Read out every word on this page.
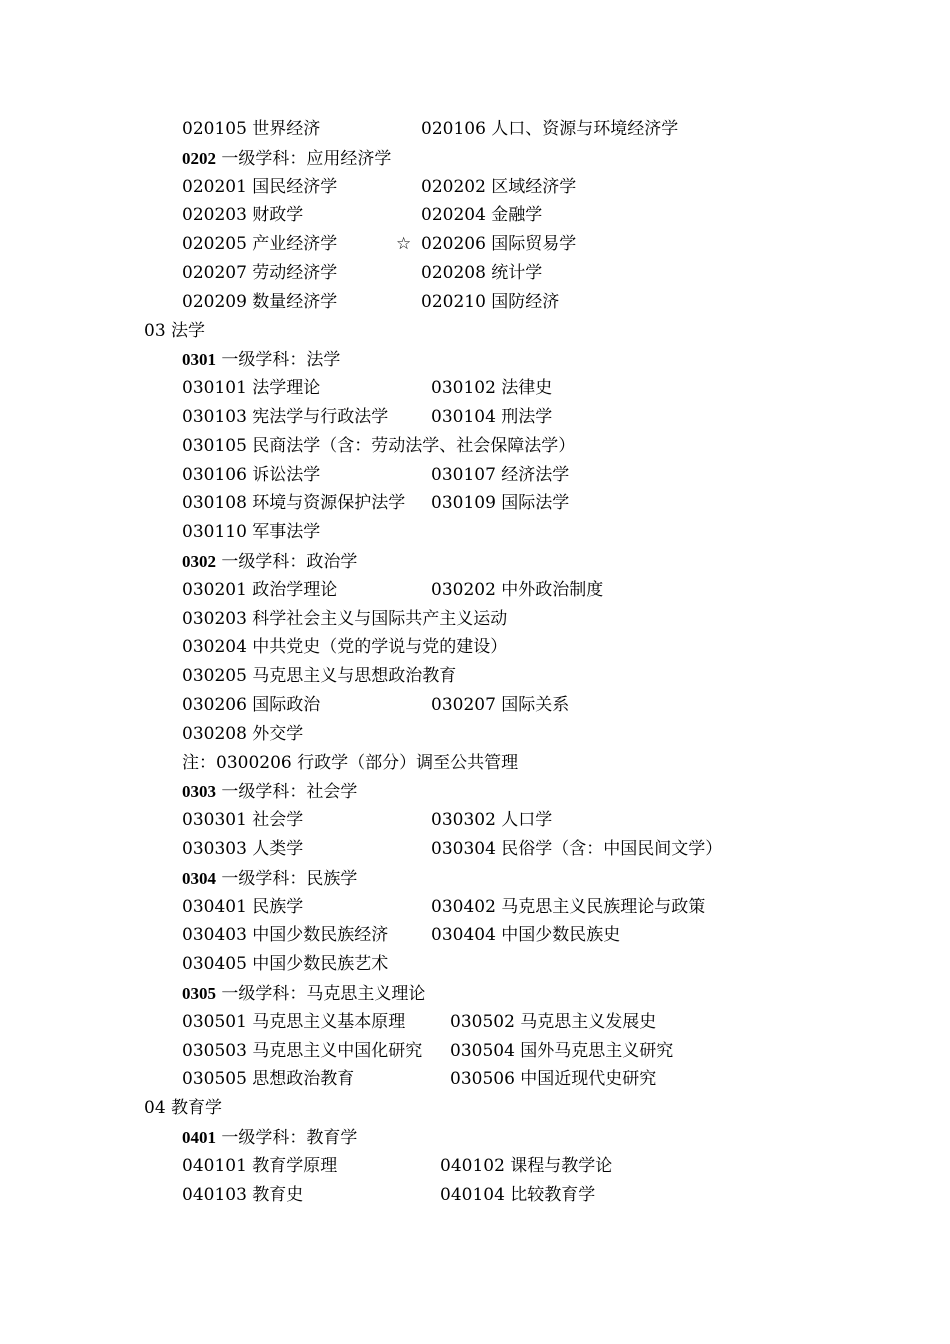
020105 世界经济	020106 人口、资源与环境经济学
0202 一级学科：应用经济学
020201 国民经济学	020202 区域经济学
020203 财政学	020204 金融学
020205 产业经济学	☆ 020206 国际贸易学
020207 劳动经济学	020208 统计学
020209 数量经济学	020210 国防经济
03 法学
0301 一级学科：法学
030101 法学理论	030102 法律史
030103 宪法学与行政法学	030104 刑法学
030105 民商法学（含：劳动法学、社会保障法学）
030106 诉讼法学	030107 经济法学
030108 环境与资源保护法学 030109 国际法学
030110 军事法学
0302 一级学科：政治学
030201 政治学理论	030202 中外政治制度
030203 科学社会主义与国际共产主义运动
030204 中共党史（党的学说与党的建设）
030205 马克思主义与思想政治教育
030206 国际政治	030207 国际关系
030208 外交学
注：0300206 行政学（部分）调至公共管理
0303 一级学科：社会学
030301 社会学	030302 人口学
030303 人类学	030304 民俗学（含：中国民间文学）
0304 一级学科：民族学
030401 民族学	030402 马克思主义民族理论与政策
030403 中国少数民族经济	030404 中国少数民族史
030405 中国少数民族艺术
0305 一级学科：马克思主义理论
030501 马克思主义基本原理	030502 马克思主义发展史
030503 马克思主义中国化研究 030504 国外马克思主义研究
030505 思想政治教育	030506 中国近现代史研究
04 教育学
0401 一级学科：教育学
040101 教育学原理	040102 课程与教学论
040103 教育史	040104 比较教育学
